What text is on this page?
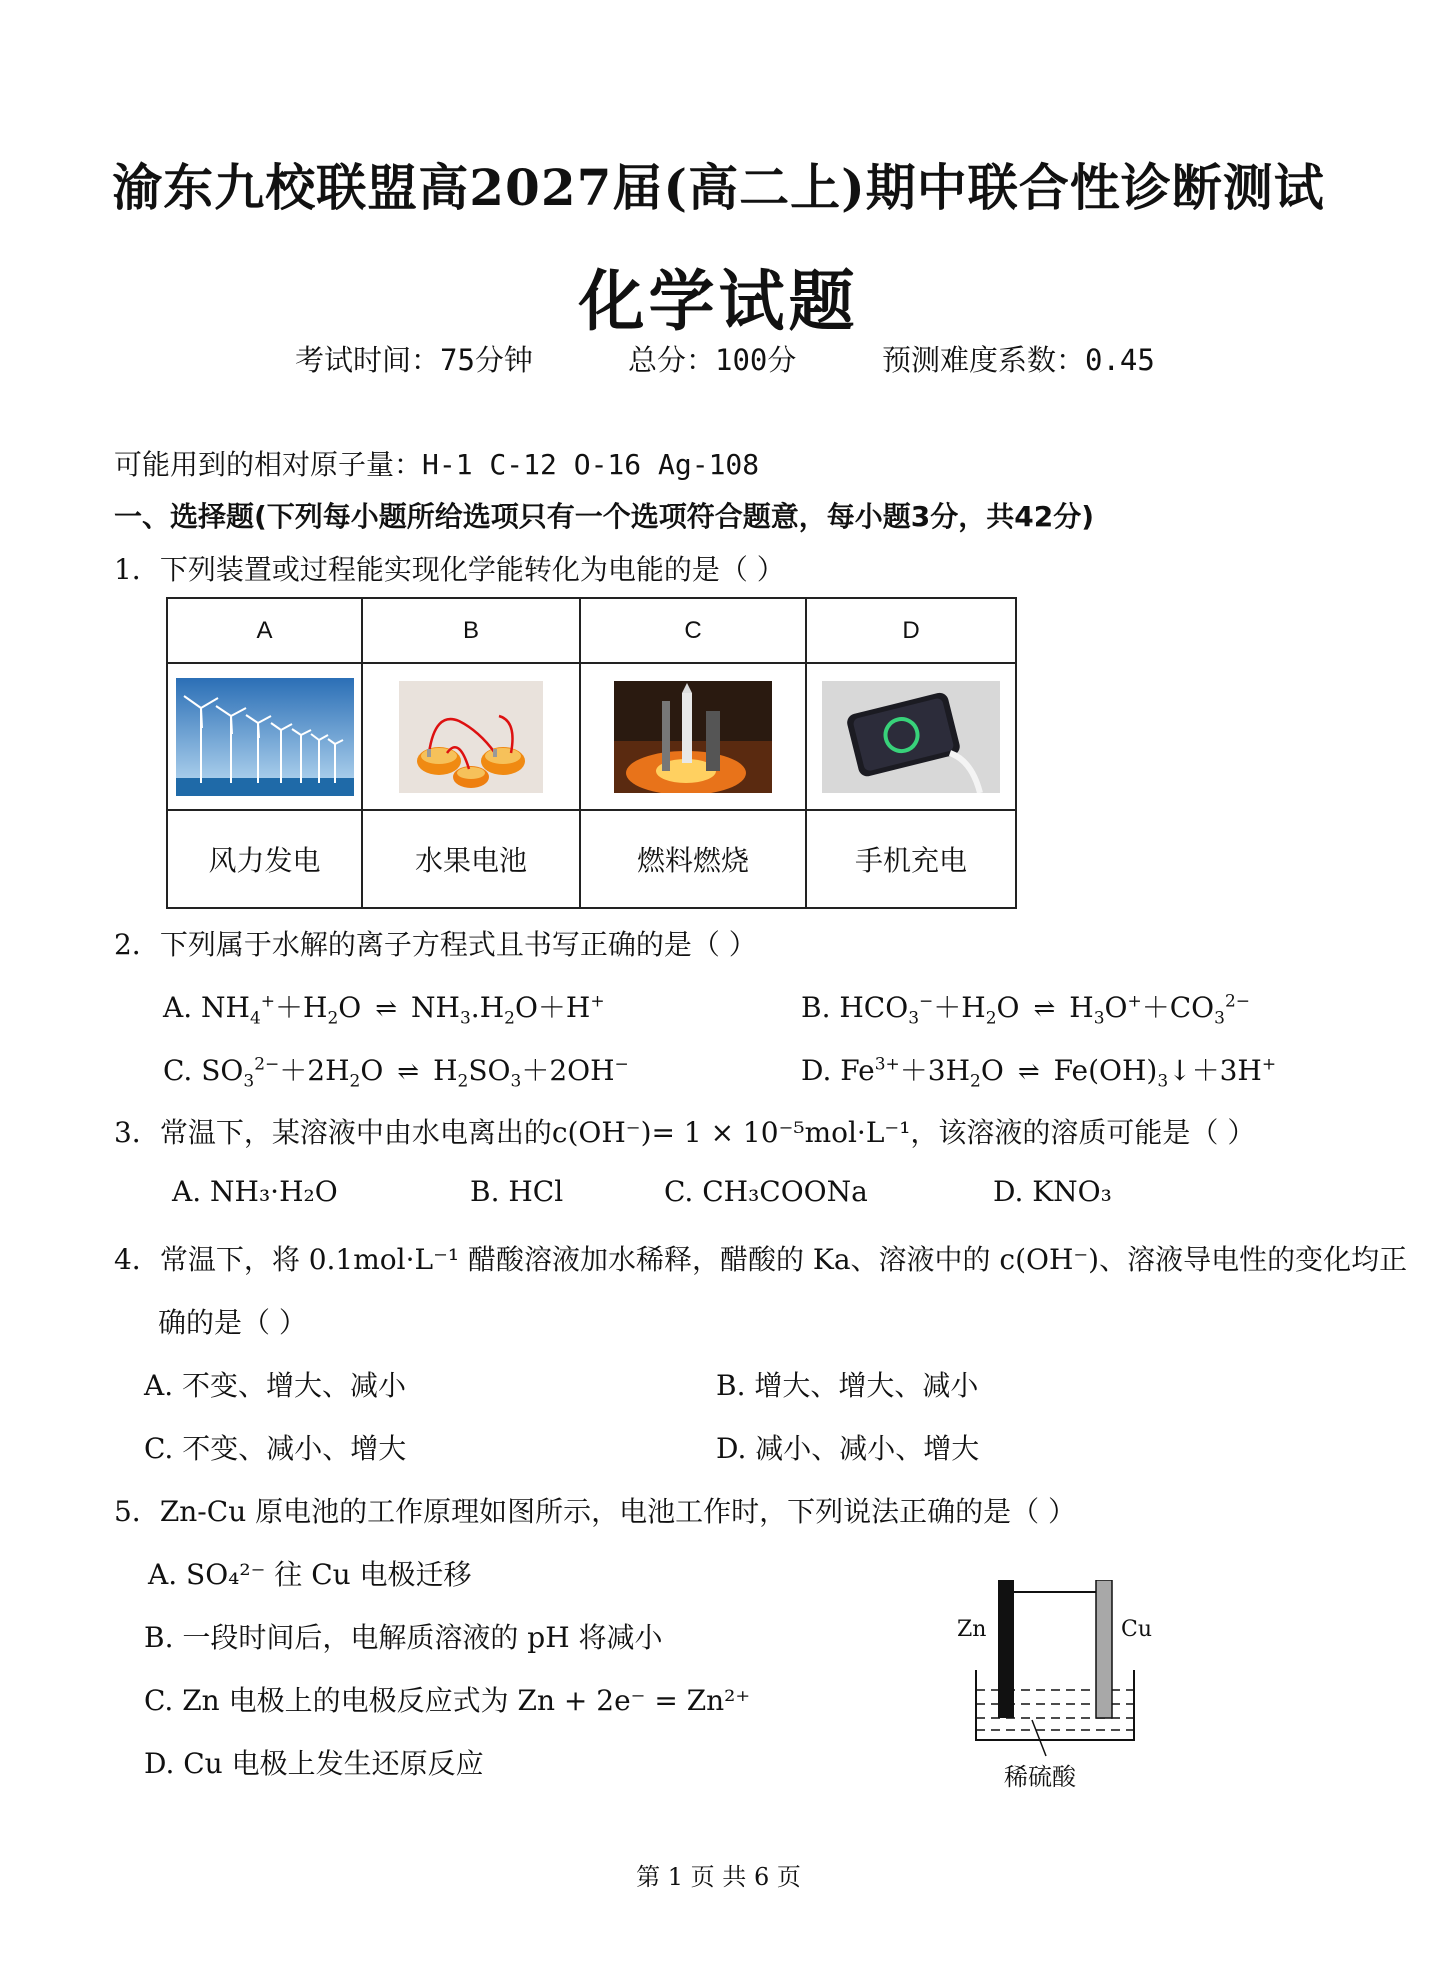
渝东九校联盟高2027届(高二上)期中联合性诊断测试
化学试题
考试时间：75分钟	总分：100分	预测难度系数：0.45
可能用到的相对原子量：H-1 C-12 O-16 Ag-108
一、选择题(下列每小题所给选项只有一个选项符合题意，每小题3分，共42分)
1．下列装置或过程能实现化学能转化为电能的是（ ）
A	B	C	D

风力发电	水果电池	燃料燃烧	手机充电
2．下列属于水解的离子方程式且书写正确的是（ ）
A. $NH_4^++H_2O$ ⇌ $NH_3.H_2O+H^+$	B. $HCO_3^-+H_2O$ ⇌ $H_3O^++CO_3^{2-}$
C. $SO_3^{2-}+2H_2O$ ⇌ $H_2SO_3+2OH^-$	D. $Fe^{3+}+3H_2O$ ⇌ $Fe(OH)_3↓+3H^+$
3．常温下，某溶液中由水电离出的c(OH⁻)= 1 × 10⁻⁵mol·L⁻¹，该溶液的溶质可能是（ ）
A. NH₃·H₂O	B. HCl	C. CH₃COONa	D. KNO₃
4．常温下，将 0.1mol·L⁻¹ 醋酸溶液加水稀释，醋酸的 Ka、溶液中的 c(OH⁻)、溶液导电性的变化均正
确的是（ ）
A. 不变、增大、减小	B. 增大、增大、减小
C. 不变、减小、增大	D. 减小、减小、增大
5．Zn-Cu 原电池的工作原理如图所示，电池工作时，下列说法正确的是（ ）
A. SO₄²⁻ 往 Cu 电极迁移
B. 一段时间后，电解质溶液的 pH 将减小
C. Zn 电极上的电极反应式为 Zn + 2e⁻ = Zn²⁺
D. Cu 电极上发生还原反应
Zn	Cu
稀硫酸
第 1 页 共 6 页
